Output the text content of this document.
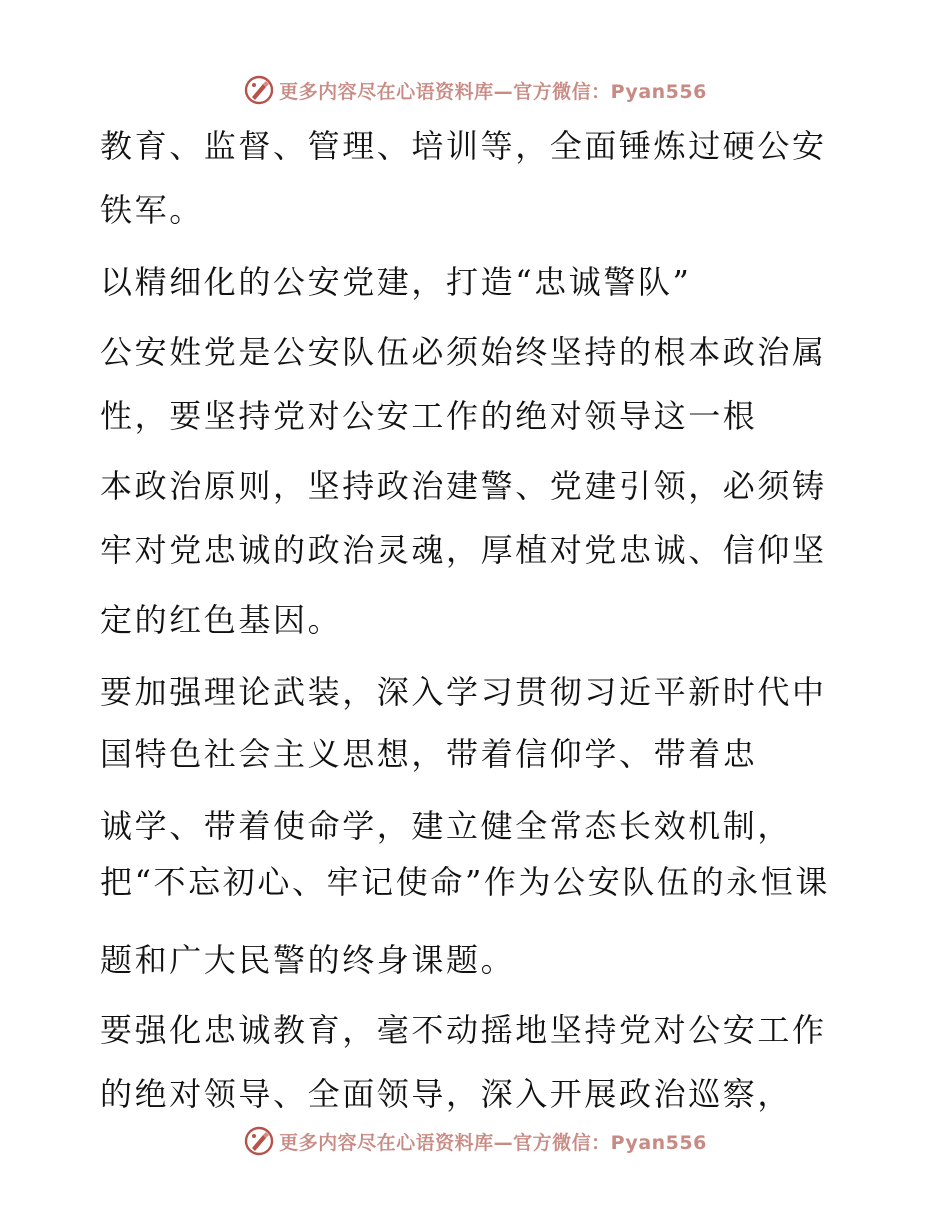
更多内容尽在心语资料库—官方微信：Pyan556
教育、监督、管理、培训等，全面锤炼过硬公安
铁军。
以精细化的公安党建，打造“忠诚警队”
公安姓党是公安队伍必须始终坚持的根本政治属
性，要坚持党对公安工作的绝对领导这一根
本政治原则，坚持政治建警、党建引领，必须铸
牢对党忠诚的政治灵魂，厚植对党忠诚、信仰坚
定的红色基因。
要加强理论武装，深入学习贯彻习近平新时代中
国特色社会主义思想，带着信仰学、带着忠
诚学、带着使命学，建立健全常态长效机制，
把“不忘初心、牢记使命”作为公安队伍的永恒课
题和广大民警的终身课题。
要强化忠诚教育，毫不动摇地坚持党对公安工作
的绝对领导、全面领导，深入开展政治巡察，
更多内容尽在心语资料库—官方微信：Pyan556
